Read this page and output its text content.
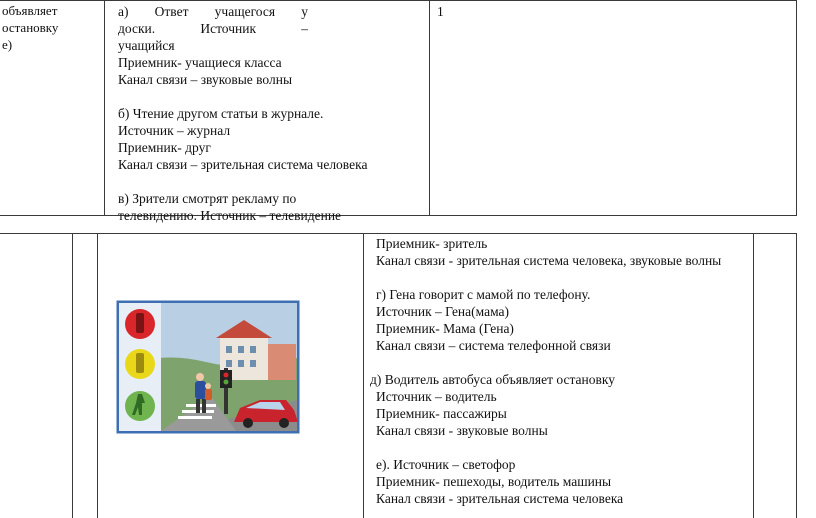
объявляет
остановку
е)
а) Ответ учащегося у
доски.	Источник	–
учащийся
Приемник- учащиеся класса
Канал связи – звуковые волны
б) Чтение другом статьи в журнале.
Источник – журнал
Приемник- друг
Канал связи – зрительная система человека
в) Зрители смотрят рекламу по
телевидению. Источник – телевидение
1
Приемник- зритель
Канал связи - зрительная система человека, звуковые волны
г) Гена говорит с мамой по телефону.
Источник – Гена(мама)
Приемник- Мама (Гена)
Канал связи – система телефонной связи
д) Водитель автобуса объявляет остановку
Источник – водитель
Приемник- пассажиры
Канал связи - звуковые волны
е). Источник – светофор
Приемник- пешеходы, водитель машины
Канал связи - зрительная система человека
